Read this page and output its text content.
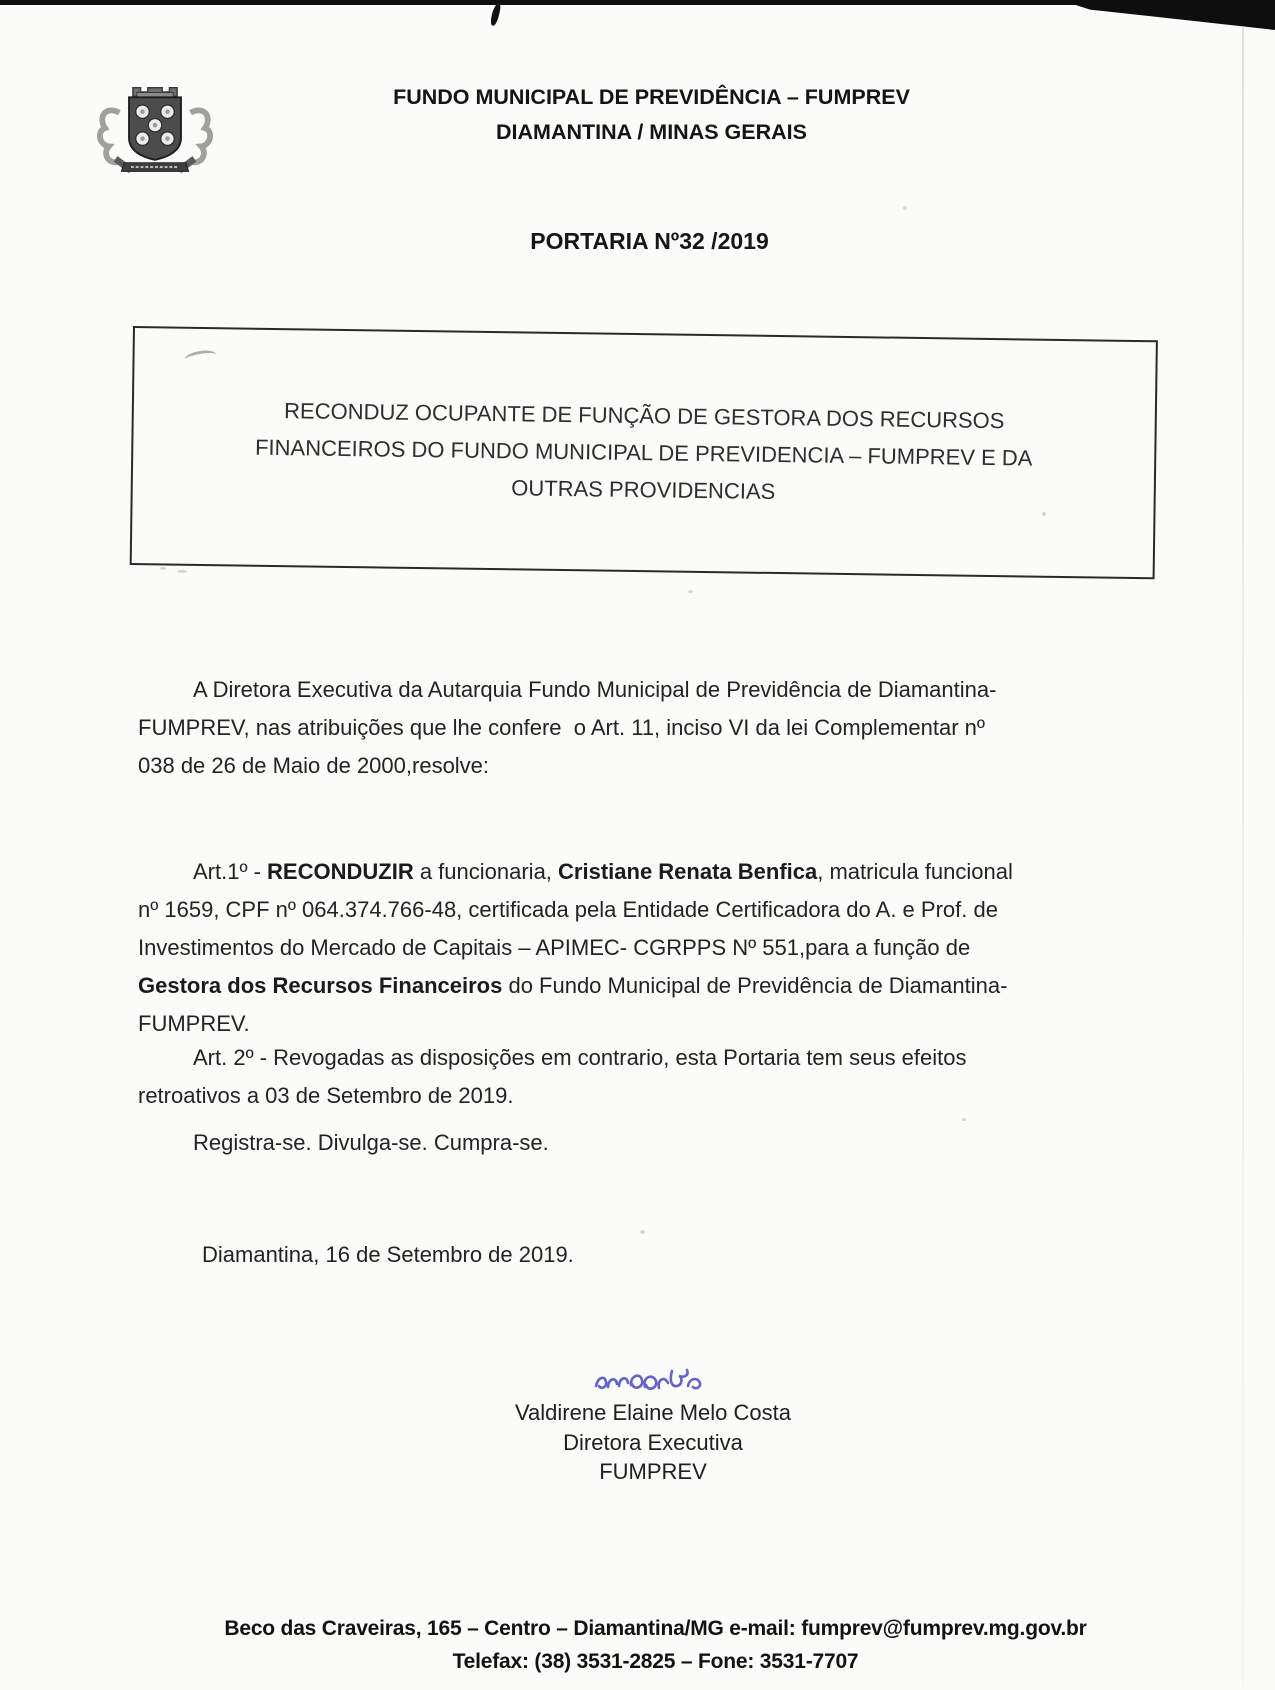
FUNDO MUNICIPAL DE PREVIDÊNCIA – FUMPREV
DIAMANTINA / MINAS GERAIS
PORTARIA Nº32 /2019
RECONDUZ OCUPANTE DE FUNÇÃO DE GESTORA DOS RECURSOS
FINANCEIROS DO FUNDO MUNICIPAL DE PREVIDENCIA – FUMPREV E DA
OUTRAS PROVIDENCIAS
A Diretora Executiva da Autarquia Fundo Municipal de Previdência de Diamantina-
FUMPREV, nas atribuições que lhe confere  o Art. 11, inciso VI da lei Complementar nº
038 de 26 de Maio de 2000,resolve:
Art.1º - RECONDUZIR a funcionaria, Cristiane Renata Benfica, matricula funcional
nº 1659, CPF nº 064.374.766-48, certificada pela Entidade Certificadora do A. e Prof. de
Investimentos do Mercado de Capitais – APIMEC- CGRPPS Nº 551,para a função de
Gestora dos Recursos Financeiros do Fundo Municipal de Previdência de Diamantina-
FUMPREV.
Art. 2º - Revogadas as disposições em contrario, esta Portaria tem seus efeitos
retroativos a 03 de Setembro de 2019.
Registra-se. Divulga-se. Cumpra-se.
Diamantina, 16 de Setembro de 2019.
Valdirene Elaine Melo Costa
Diretora Executiva
FUMPREV
Beco das Craveiras, 165 – Centro – Diamantina/MG e-mail: fumprev@fumprev.mg.gov.br
Telefax: (38) 3531-2825 – Fone: 3531-7707
